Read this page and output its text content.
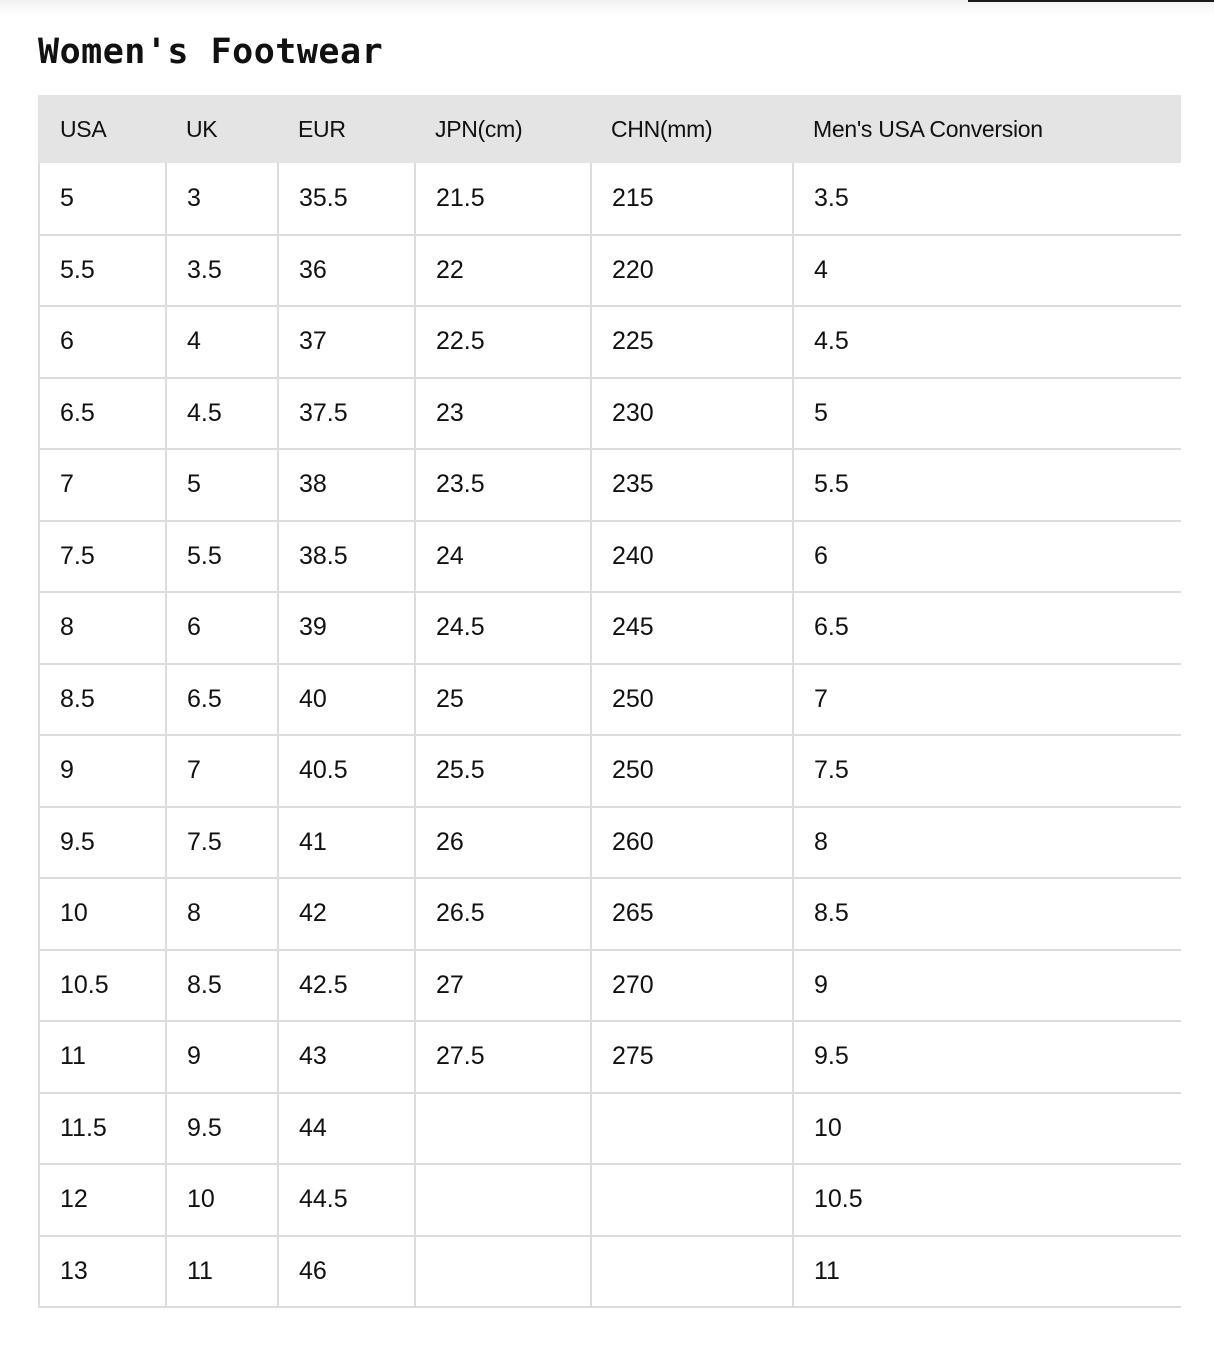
Women's Footwear
USA	UK	EUR	JPN(cm)	CHN(mm)	Men's USA Conversion
5	3	35.5	21.5	215	3.5
5.5	3.5	36	22	220	4
6	4	37	22.5	225	4.5
6.5	4.5	37.5	23	230	5
7	5	38	23.5	235	5.5
7.5	5.5	38.5	24	240	6
8	6	39	24.5	245	6.5
8.5	6.5	40	25	250	7
9	7	40.5	25.5	250	7.5
9.5	7.5	41	26	260	8
10	8	42	26.5	265	8.5
10.5	8.5	42.5	27	270	9
11	9	43	27.5	275	9.5
11.5	9.5	44			10
12	10	44.5			10.5
13	11	46			11
